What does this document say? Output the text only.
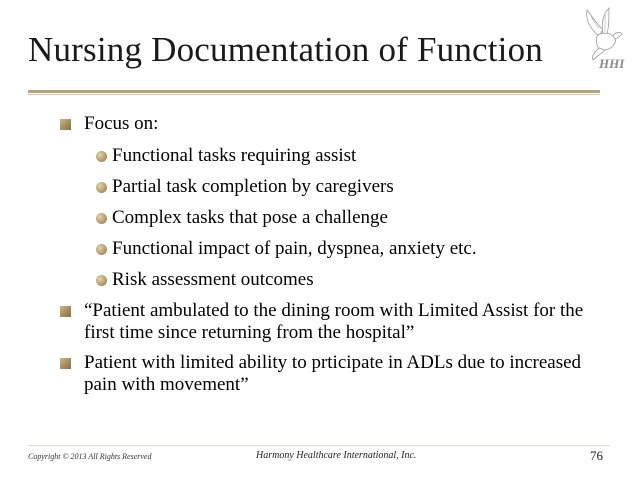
Nursing Documentation of Function	HHI
Focus on:
Functional tasks requiring assist
Partial task completion by caregivers
Complex tasks that pose a challenge
Functional impact of pain, dyspnea, anxiety etc.
Risk assessment outcomes
“Patient ambulated to the dining room with Limited Assist for the first time since returning from the hospital”
Patient with limited ability to prticipate in ADLs due to increased pain with movement”
Copyright © 2013 All Rights Reserved	Harmony Healthcare International, Inc.	76
